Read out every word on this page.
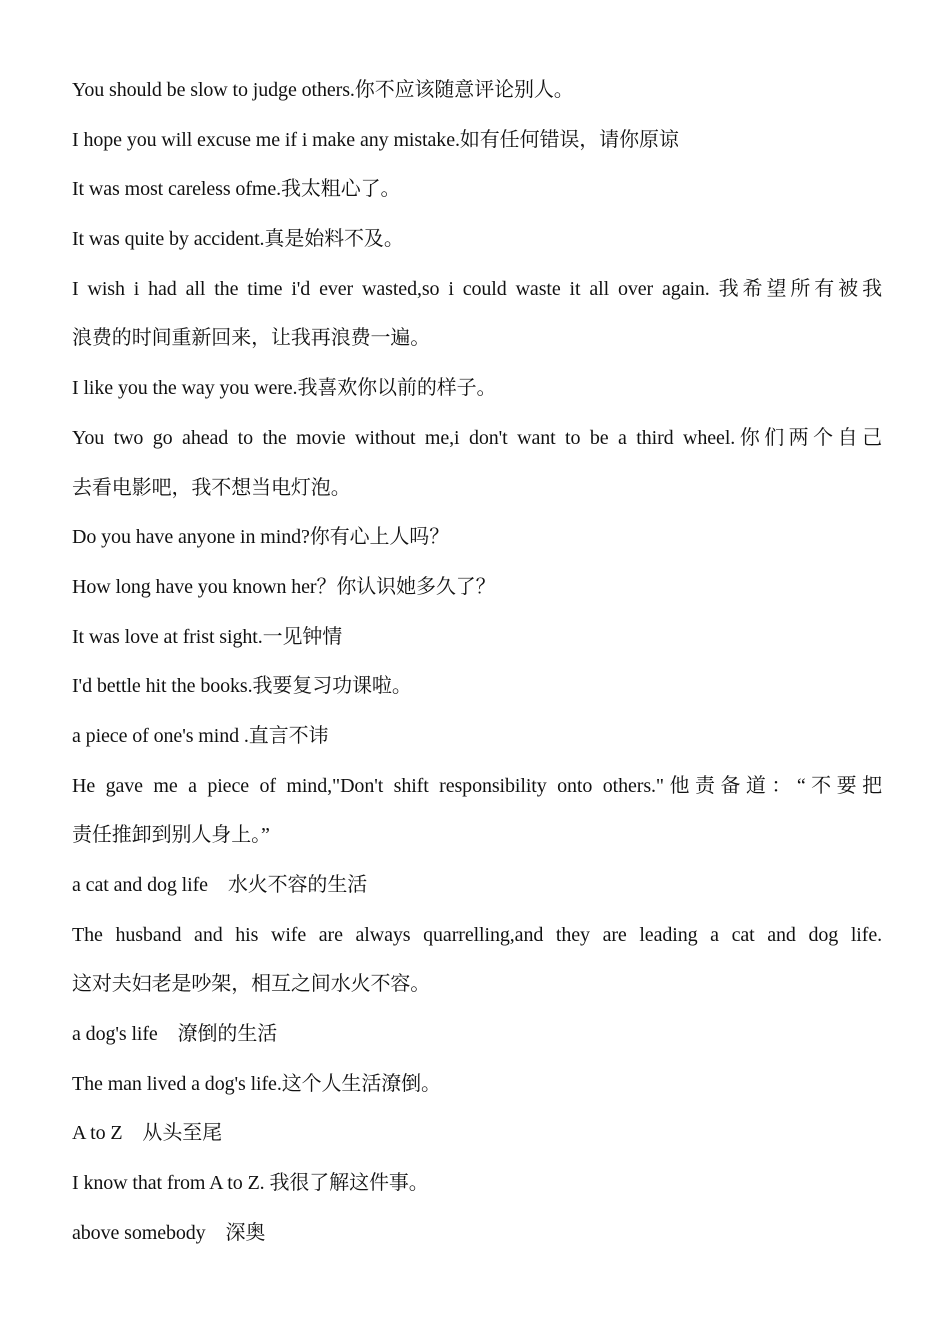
You should be slow to judge others.你不应该随意评论别人。
I hope you will excuse me if i make any mistake.如有任何错误，请你原谅
It was most careless ofme.我太粗心了。
It was quite by accident.真是始料不及。
I wish i had all the time i'd ever wasted,so i could waste it all over again. 我希望所有被我
浪费的时间重新回来，让我再浪费一遍。
I like you the way you were.我喜欢你以前的样子。
You two go ahead to the movie without me,i don't want to be a third wheel.你们两个自己
去看电影吧，我不想当电灯泡。
Do you have anyone in mind?你有心上人吗？
How long have you known her？你认识她多久了？
It was love at frist sight.一见钟情
I'd bettle hit the books.我要复习功课啦。
a piece of one's mind .直言不讳
He gave me a piece of mind,"Don't shift responsibility onto others."他责备道：“不要把
责任推卸到别人身上。”
a cat and dog life　水火不容的生活
The husband and his wife are always quarrelling,and they are leading a cat and dog life.
这对夫妇老是吵架，相互之间水火不容。
a dog's life　潦倒的生活
The man lived a dog's life.这个人生活潦倒。
A to Z　从头至尾
I know that from A to Z. 我很了解这件事。
above somebody　深奥
